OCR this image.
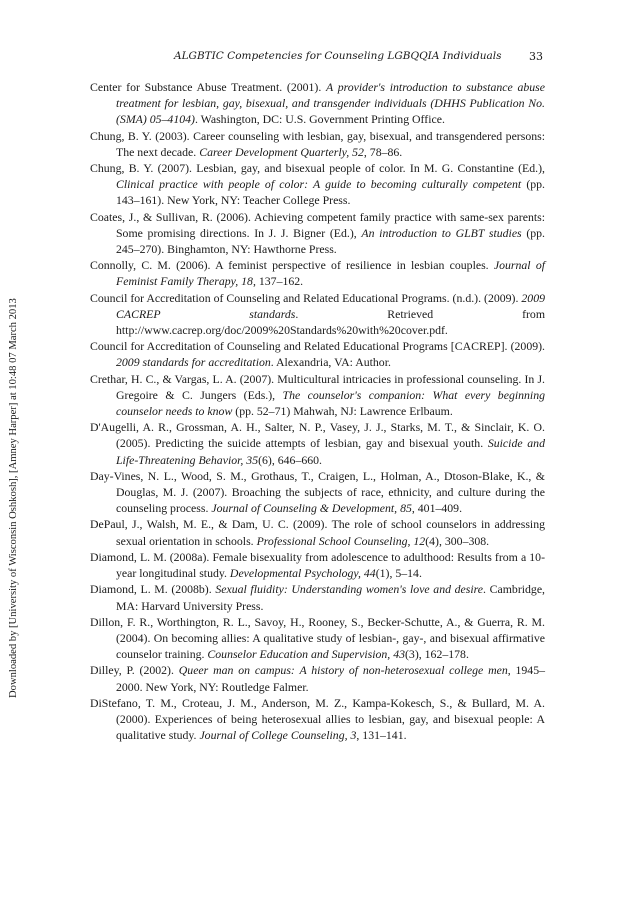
ALGBTIC Competencies for Counseling LGBQQIA Individuals 33
Downloaded by [University of Wisconsin Oshkosh], [Amney Harper] at 10:48 07 March 2013

Center for Substance Abuse Treatment. (2001). A provider's introduction to substance abuse treatment for lesbian, gay, bisexual, and transgender individuals (DHHS Publication No. (SMA) 05–4104). Washington, DC: U.S. Government Printing Office.

Chung, B. Y. (2003). Career counseling with lesbian, gay, bisexual, and transgendered persons: The next decade. Career Development Quarterly, 52, 78–86.

Chung, B. Y. (2007). Lesbian, gay, and bisexual people of color. In M. G. Constantine (Ed.), Clinical practice with people of color: A guide to becoming culturally competent (pp. 143–161). New York, NY: Teacher College Press.

Coates, J., & Sullivan, R. (2006). Achieving competent family practice with same-sex parents: Some promising directions. In J. J. Bigner (Ed.), An introduction to GLBT studies (pp. 245–270). Binghamton, NY: Hawthorne Press.

Connolly, C. M. (2006). A feminist perspective of resilience in lesbian couples. Journal of Feminist Family Therapy, 18, 137–162.

Council for Accreditation of Counseling and Related Educational Programs. (n.d.). (2009). 2009 CACREP standards. Retrieved from http://www.cacrep.org/doc/2009%20Standards%20with%20cover.pdf.

Council for Accreditation of Counseling and Related Educational Programs [CACREP]. (2009). 2009 standards for accreditation. Alexandria, VA: Author.

Crethar, H. C., & Vargas, L. A. (2007). Multicultural intricacies in professional counseling. In J. Gregoire & C. Jungers (Eds.), The counselor's companion: What every beginning counselor needs to know (pp. 52–71) Mahwah, NJ: Lawrence Erlbaum.

D'Augelli, A. R., Grossman, A. H., Salter, N. P., Vasey, J. J., Starks, M. T., & Sinclair, K. O. (2005). Predicting the suicide attempts of lesbian, gay and bisexual youth. Suicide and Life-Threatening Behavior, 35(6), 646–660.

Day-Vines, N. L., Wood, S. M., Grothaus, T., Craigen, L., Holman, A., Dtoson-Blake, K., & Douglas, M. J. (2007). Broaching the subjects of race, ethnicity, and culture during the counseling process. Journal of Counseling & Development, 85, 401–409.

DePaul, J., Walsh, M. E., & Dam, U. C. (2009). The role of school counselors in addressing sexual orientation in schools. Professional School Counseling, 12(4), 300–308.

Diamond, L. M. (2008a). Female bisexuality from adolescence to adulthood: Results from a 10-year longitudinal study. Developmental Psychology, 44(1), 5–14.

Diamond, L. M. (2008b). Sexual fluidity: Understanding women's love and desire. Cambridge, MA: Harvard University Press.

Dillon, F. R., Worthington, R. L., Savoy, H., Rooney, S., Becker-Schutte, A., & Guerra, R. M. (2004). On becoming allies: A qualitative study of lesbian-, gay-, and bisexual affirmative counselor training. Counselor Education and Supervision, 43(3), 162–178.

Dilley, P. (2002). Queer man on campus: A history of non-heterosexual college men, 1945–2000. New York, NY: Routledge Falmer.

DiStefano, T. M., Croteau, J. M., Anderson, M. Z., Kampa-Kokesch, S., & Bullard, M. A. (2000). Experiences of being heterosexual allies to lesbian, gay, and bisexual people: A qualitative study. Journal of College Counseling, 3, 131–141.
